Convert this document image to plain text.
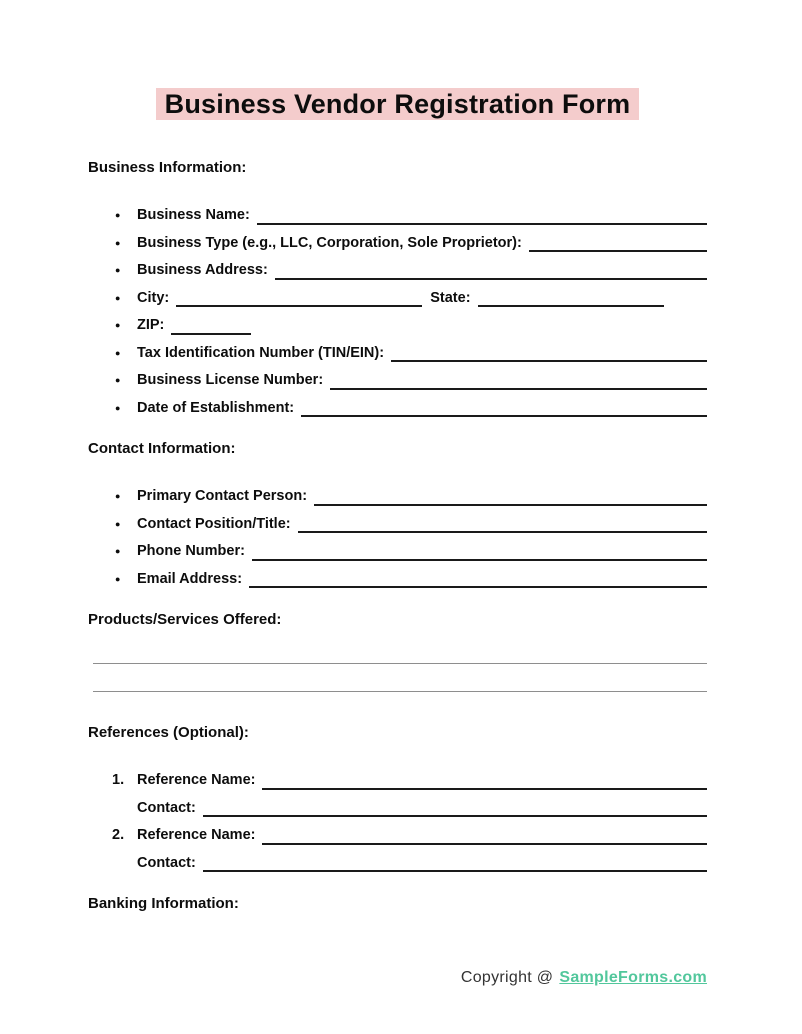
Business Vendor Registration Form
Business Information:
●	Business Name:
●	Business Type (e.g., LLC, Corporation, Sole Proprietor):
●	Business Address:
●	City:	State:
●	ZIP:
●	Tax Identification Number (TIN/EIN):
●	Business License Number:
●	Date of Establishment:
Contact Information:
●	Primary Contact Person:
●	Contact Position/Title:
●	Phone Number:
●	Email Address:
Products/Services Offered:
References (Optional):
1. Reference Name:
Contact:
2. Reference Name:
Contact:
Banking Information:
Copyright @ SampleForms.com
